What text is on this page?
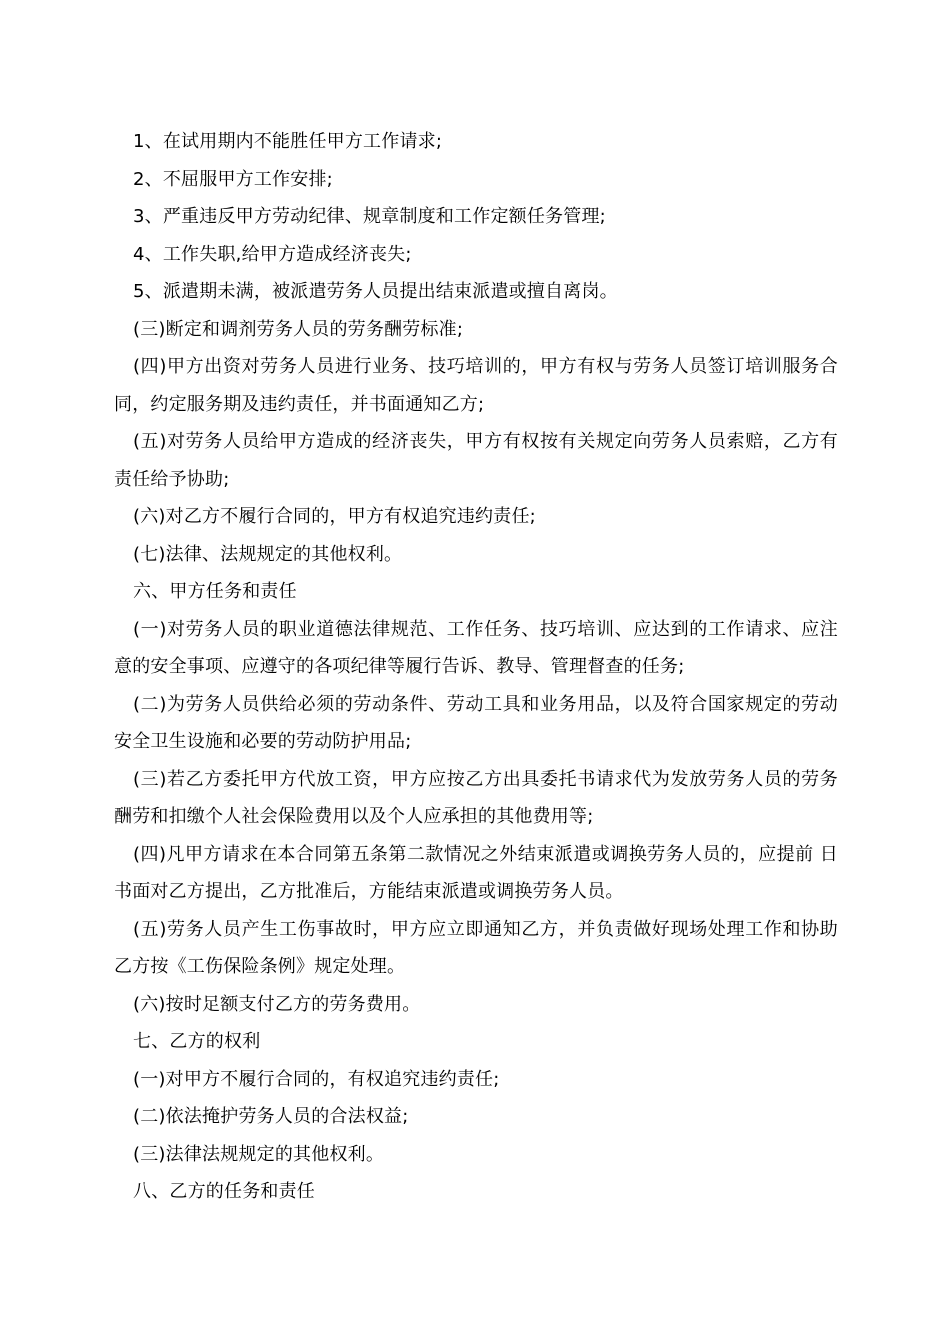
1、在试用期内不能胜任甲方工作请求;

2、不屈服甲方工作安排;

3、严重违反甲方劳动纪律、规章制度和工作定额任务管理;

4、工作失职,给甲方造成经济丧失;

5、派遣期未满，被派遣劳务人员提出结束派遣或擅自离岗。

(三)断定和调剂劳务人员的劳务酬劳标准;

(四)甲方出资对劳务人员进行业务、技巧培训的，甲方有权与劳务人员签订培训服务合同，约定服务期及违约责任，并书面通知乙方;

(五)对劳务人员给甲方造成的经济丧失，甲方有权按有关规定向劳务人员索赔，乙方有责任给予协助;

(六)对乙方不履行合同的，甲方有权追究违约责任;

(七)法律、法规规定的其他权利。

六、甲方任务和责任

(一)对劳务人员的职业道德法律规范、工作任务、技巧培训、应达到的工作请求、应注意的安全事项、应遵守的各项纪律等履行告诉、教导、管理督查的任务;

(二)为劳务人员供给必须的劳动条件、劳动工具和业务用品，以及符合国家规定的劳动安全卫生设施和必要的劳动防护用品;

(三)若乙方委托甲方代放工资，甲方应按乙方出具委托书请求代为发放劳务人员的劳务酬劳和扣缴个人社会保险费用以及个人应承担的其他费用等;

(四)凡甲方请求在本合同第五条第二款情况之外结束派遣或调换劳务人员的，应提前 日书面对乙方提出，乙方批准后，方能结束派遣或调换劳务人员。

(五)劳务人员产生工伤事故时，甲方应立即通知乙方，并负责做好现场处理工作和协助乙方按《工伤保险条例》规定处理。

(六)按时足额支付乙方的劳务费用。

七、乙方的权利

(一)对甲方不履行合同的，有权追究违约责任;

(二)依法掩护劳务人员的合法权益;

(三)法律法规规定的其他权利。

八、乙方的任务和责任
